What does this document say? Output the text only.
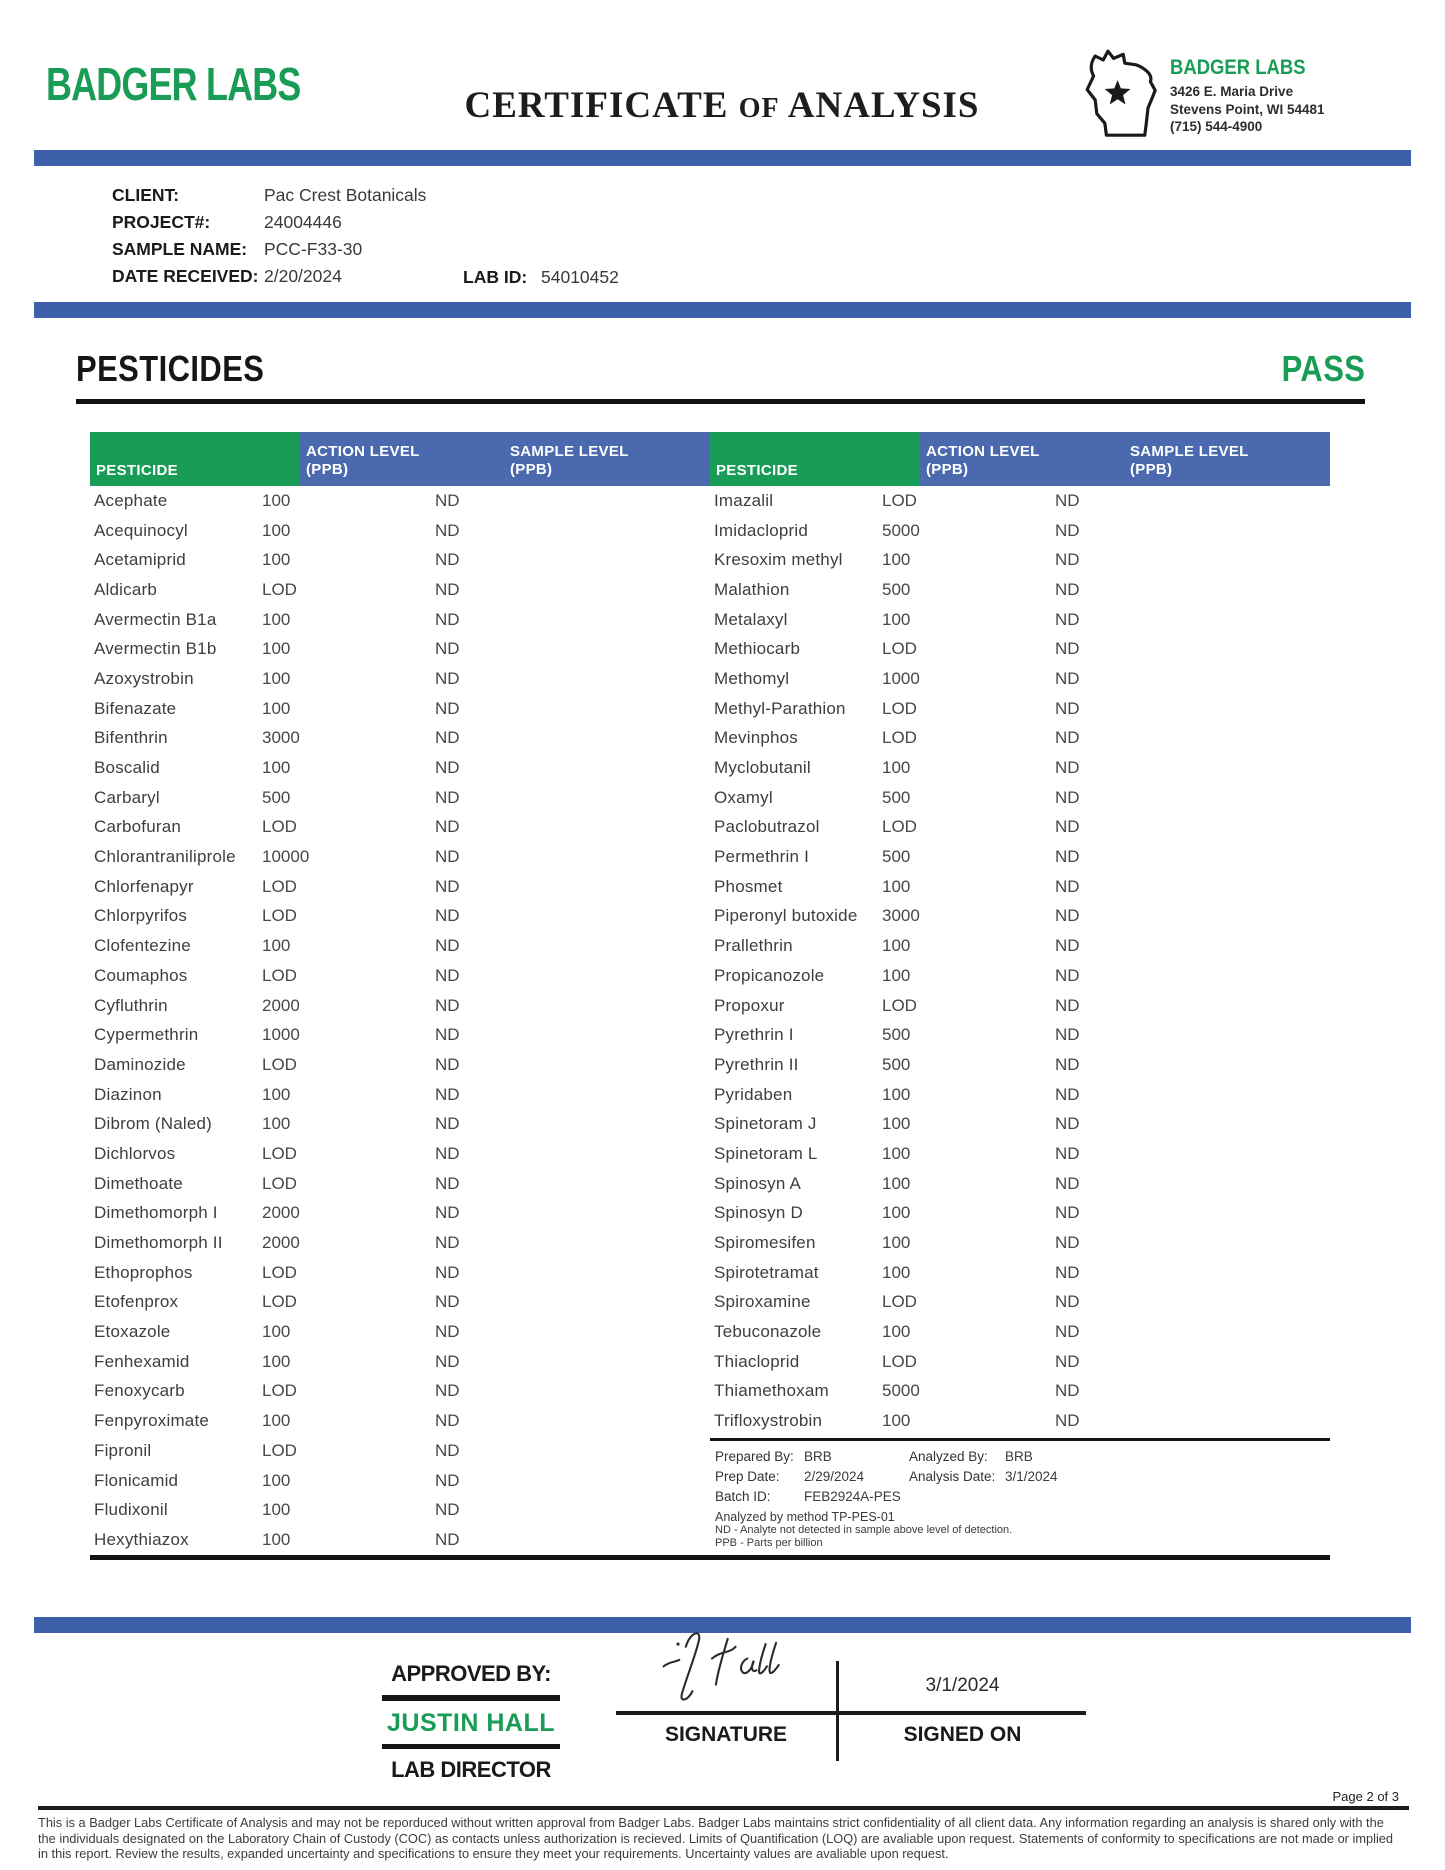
BADGER LABS	CERTIFICATE OF ANALYSIS
BADGER LABS
3426 E. Maria Drive
Stevens Point, WI 54481
(715) 544-4900
CLIENT:	Pac Crest Botanicals
PROJECT#:	24004446
SAMPLE NAME: PCC-F33-30
DATE RECEIVED: 2/20/2024	LAB ID: 54010452
PESTICIDES	PASS
PESTICIDE
ACTION LEVEL
(PPB)
SAMPLE LEVEL
(PPB)
Acephate	100	ND
Acequinocyl	100	ND
Acetamiprid	100	ND
Aldicarb	LOD	ND
Avermectin B1a	100	ND
Avermectin B1b	100	ND
Azoxystrobin	100	ND
Bifenazate	100	ND
Bifenthrin	3000	ND
Boscalid	100	ND
Carbaryl	500	ND
Carbofuran	LOD	ND
Chlorantraniliprole	10000	ND
Chlorfenapyr	LOD	ND
Chlorpyrifos	LOD	ND
Clofentezine	100	ND
Coumaphos	LOD	ND
Cyfluthrin	2000	ND
Cypermethrin	1000	ND
Daminozide	LOD	ND
Diazinon	100	ND
Dibrom (Naled)	100	ND
Dichlorvos	LOD	ND
Dimethoate	LOD	ND
Dimethomorph I	2000	ND
Dimethomorph II	2000	ND
Ethoprophos	LOD	ND
Etofenprox	LOD	ND
Etoxazole	100	ND
Fenhexamid	100	ND
Fenoxycarb	LOD	ND
Fenpyroximate	100	ND
Fipronil	LOD	ND
Flonicamid	100	ND
Fludixonil	100	ND
Hexythiazox	100	ND
PESTICIDE
ACTION LEVEL
(PPB)
SAMPLE LEVEL
(PPB)
Imazalil	LOD	ND
Imidacloprid	5000	ND
Kresoxim methyl	100	ND
Malathion	500	ND
Metalaxyl	100	ND
Methiocarb	LOD	ND
Methomyl	1000	ND
Methyl-Parathion	LOD	ND
Mevinphos	LOD	ND
Myclobutanil	100	ND
Oxamyl	500	ND
Paclobutrazol	LOD	ND
Permethrin I	500	ND
Phosmet	100	ND
Piperonyl butoxide	3000	ND
Prallethrin	100	ND
Propicanozole	100	ND
Propoxur	LOD	ND
Pyrethrin I	500	ND
Pyrethrin II	500	ND
Pyridaben	100	ND
Spinetoram J	100	ND
Spinetoram L	100	ND
Spinosyn A	100	ND
Spinosyn D	100	ND
Spiromesifen	100	ND
Spirotetramat	100	ND
Spiroxamine	LOD	ND
Tebuconazole	100	ND
Thiacloprid	LOD	ND
Thiamethoxam	5000	ND
Trifloxystrobin	100	ND
Prepared By: BRB	Analyzed By:	BRB
Prep Date:	2/29/2024	Analysis Date: 3/1/2024
Batch ID:	FEB2924A-PES
Analyzed by method TP-PES-01
ND - Analyte not detected in sample above level of detection.
PPB - Parts per billion
APPROVED BY:
JUSTIN HALL
LAB DIRECTOR
3/1/2024
SIGNATURE	SIGNED ON
Page 2 of 3
This is a Badger Labs Certificate of Analysis and may not be reporduced without written approval from Badger Labs. Badger Labs maintains strict confidentiality of all client data. Any information regarding an analysis is shared only with the the individuals designated on the Laboratory Chain of Custody (COC) as contacts unless authorization is recieved. Limits of Quantification (LOQ) are avaliable upon request. Statements of conformity to specifications are not made or implied in this report. Review the results, expanded uncertainty and specifications to ensure they meet your requirements. Uncertainty values are avaliable upon request.
